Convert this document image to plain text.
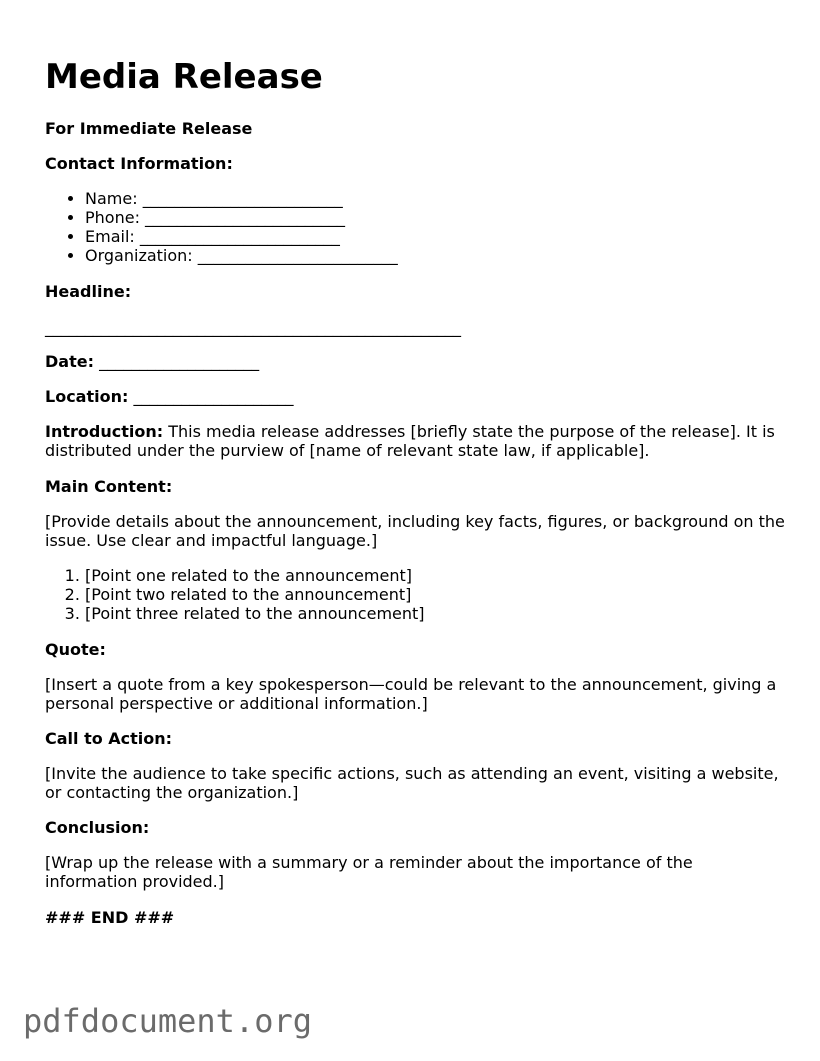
Media Release
For Immediate Release
Contact Information:
• Name: _________________________
• Phone: _________________________
• Email: _________________________
• Organization: _________________________
Headline:
____________________________________________________
Date: ____________________
Location: ____________________
Introduction: This media release addresses [briefly state the purpose of the release]. It is distributed under the purview of [name of relevant state law, if applicable].
Main Content:
[Provide details about the announcement, including key facts, figures, or background on the issue. Use clear and impactful language.]
1. [Point one related to the announcement]
2. [Point two related to the announcement]
3. [Point three related to the announcement]
Quote:
[Insert a quote from a key spokesperson—could be relevant to the announcement, giving a personal perspective or additional information.]
Call to Action:
[Invite the audience to take specific actions, such as attending an event, visiting a website, or contacting the organization.]
Conclusion:
[Wrap up the release with a summary or a reminder about the importance of the information provided.]
### END ###
pdfdocument.org
